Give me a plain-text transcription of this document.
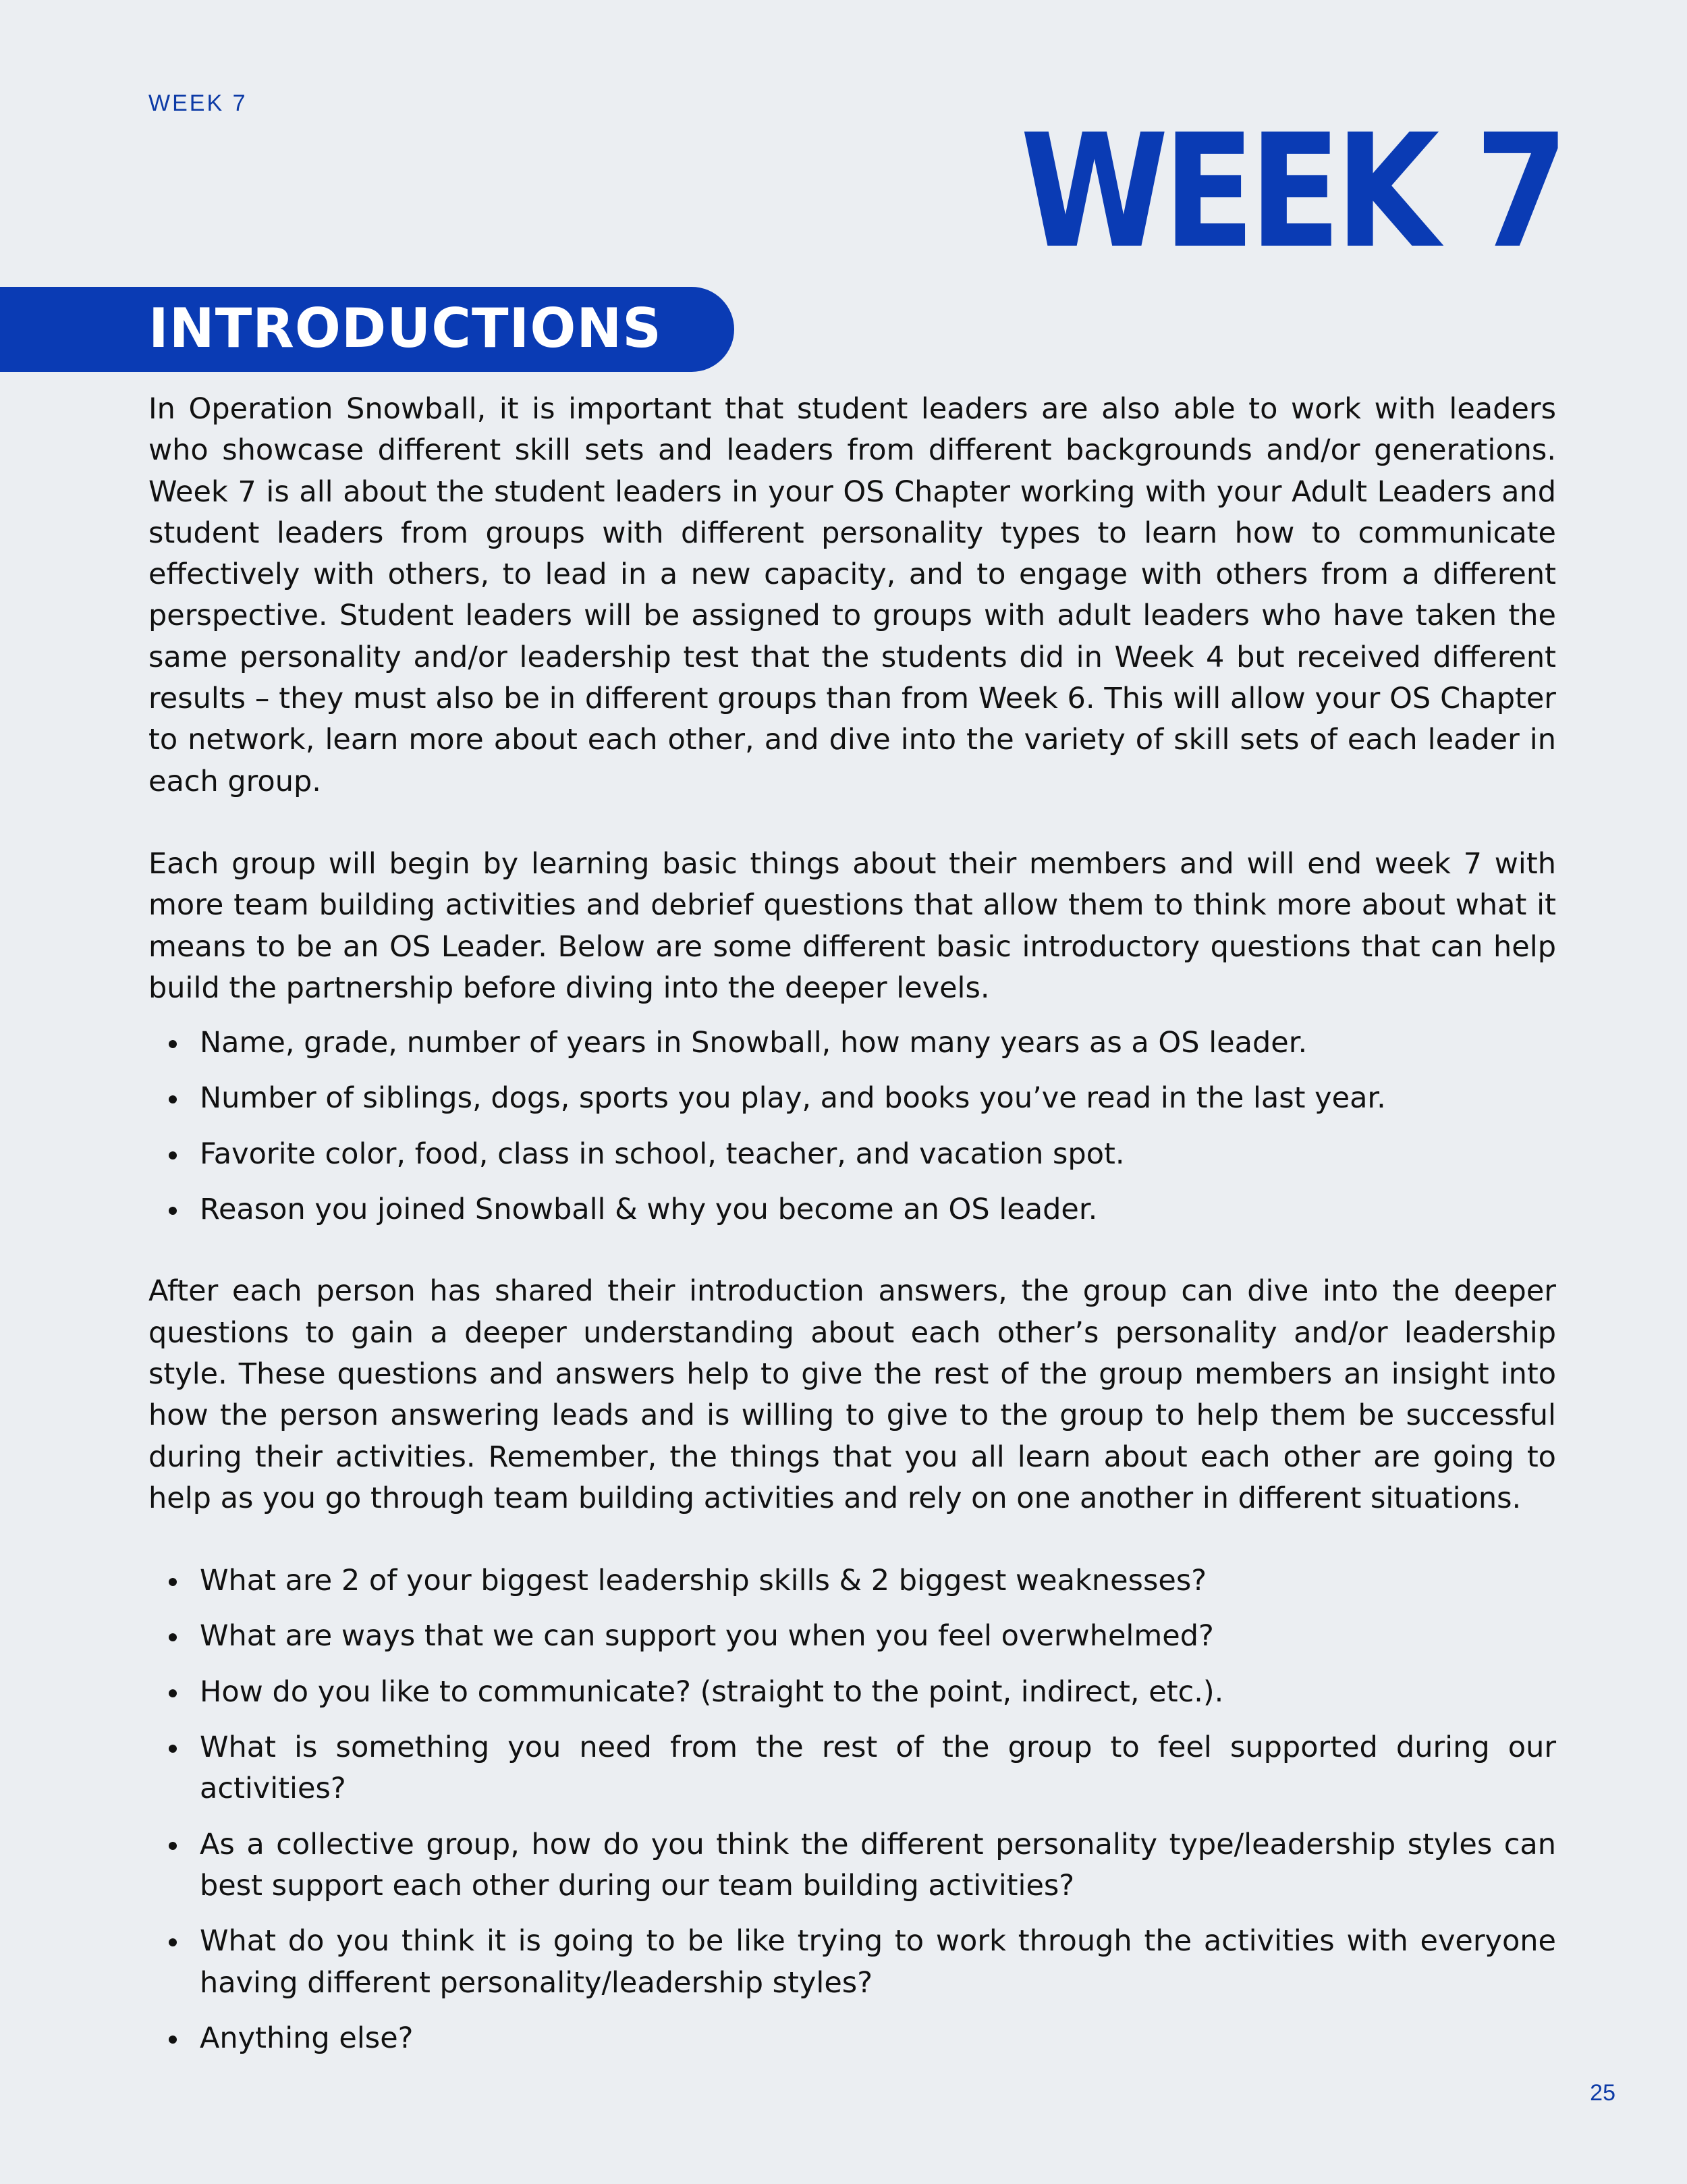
WEEK 7	WEEK 7
INTRODUCTIONS

In Operation Snowball, it is important that student leaders are also able to work with leaders who showcase different skill sets and leaders from different backgrounds and/or generations. Week 7 is all about the student leaders in your OS Chapter working with your Adult Leaders and student leaders from groups with different personality types to learn how to communicate effectively with others, to lead in a new capacity, and to engage with others from a different perspective. Student leaders will be assigned to groups with adult leaders who have taken the same personality and/or leadership test that the students did in Week 4 but received different results – they must also be in different groups than from Week 6. This will allow your OS Chapter to network, learn more about each other, and dive into the variety of skill sets of each leader in each group.

Each group will begin by learning basic things about their members and will end week 7 with more team building activities and debrief questions that allow them to think more about what it means to be an OS Leader. Below are some different basic introductory questions that can help build the partnership before diving into the deeper levels.

Name, grade, number of years in Snowball, how many years as a OS leader.
Number of siblings, dogs, sports you play, and books you’ve read in the last year.
Favorite color, food, class in school, teacher, and vacation spot.
Reason you joined Snowball & why you become an OS leader.

After each person has shared their introduction answers, the group can dive into the deeper questions to gain a deeper understanding about each other’s personality and/or leadership style. These questions and answers help to give the rest of the group members an insight into how the person answering leads and is willing to give to the group to help them be successful during their activities. Remember, the things that you all learn about each other are going to help as you go through team building activities and rely on one another in different situations.

What are 2 of your biggest leadership skills & 2 biggest weaknesses?
What are ways that we can support you when you feel overwhelmed?
How do you like to communicate? (straight to the point, indirect, etc.).
What is something you need from the rest of the group to feel supported during our activities?
As a collective group, how do you think the different personality type/leadership styles can best support each other during our team building activities?
What do you think it is going to be like trying to work through the activities with everyone having different personality/leadership styles?
Anything else?
25
